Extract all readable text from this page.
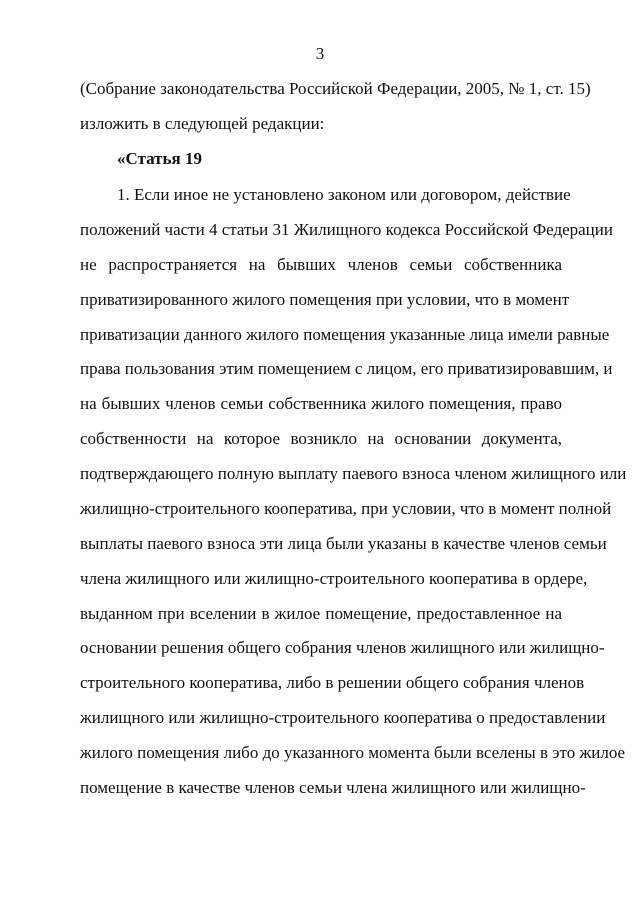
3
(Собрание законодательства Российской Федерации, 2005, № 1, ст. 15)
изложить в следующей редакции:
«Статья 19
1. Если иное не установлено законом или договором, действие
положений части 4 статьи 31 Жилищного кодекса Российской Федерации
не распространяется на бывших членов семьи собственника
приватизированного жилого помещения при условии, что в момент
приватизации данного жилого помещения указанные лица имели равные
права пользования этим помещением с лицом, его приватизировавшим, и
на бывших членов семьи собственника жилого помещения, право
собственности на которое возникло на основании документа,
подтверждающего полную выплату паевого взноса членом жилищного или
жилищно-строительного кооператива, при условии, что в момент полной
выплаты паевого взноса эти лица были указаны в качестве членов семьи
члена жилищного или жилищно-строительного кооператива в ордере,
выданном при вселении в жилое помещение, предоставленное на
основании решения общего собрания членов жилищного или жилищно-
строительного кооператива, либо в решении общего собрания членов
жилищного или жилищно-строительного кооператива о предоставлении
жилого помещения либо до указанного момента были вселены в это жилое
помещение в качестве членов семьи члена жилищного или жилищно-
